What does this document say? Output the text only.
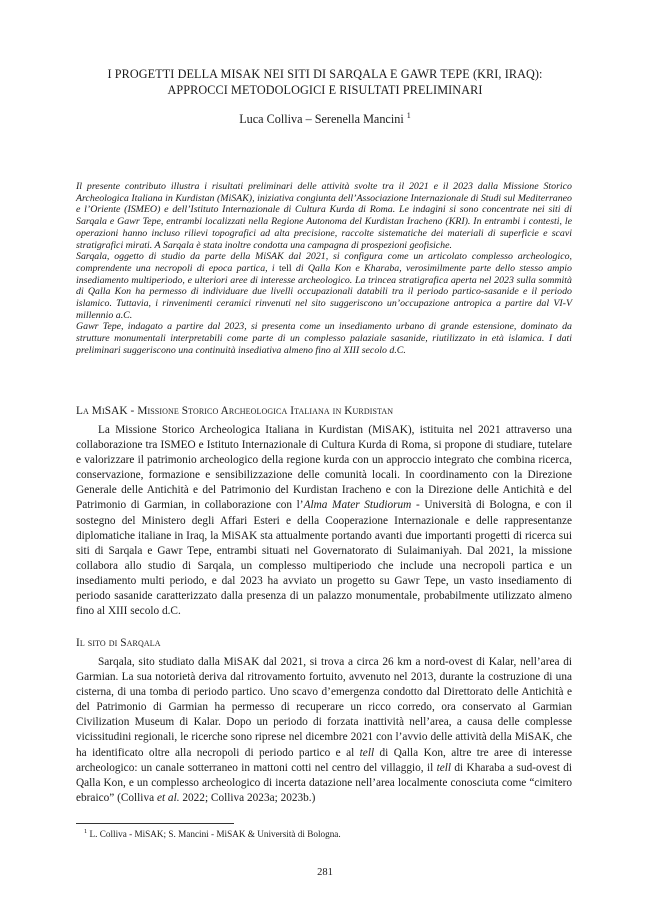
I PROGETTI DELLA MISAK NEI SITI DI SARQALA E GAWR TEPE (KRI, IRAQ):
APPROCCI METODOLOGICI E RISULTATI PRELIMINARI
Luca Colliva – Serenella Mancini $^1$

Il presente contributo illustra i risultati preliminari delle attività svolte tra il 2021 e il 2023 dalla Missione Storico Archeologica Italiana in Kurdistan (MiSAK), iniziativa congiunta dell’Associazione Internazionale di Studi sul Mediterraneo e l’Oriente (ISMEO) e dell’Istituto Internazionale di Cultura Kurda di Roma. Le indagini si sono concentrate nei siti di Sarqala e Gawr Tepe, entrambi localizzati nella Regione Autonoma del Kurdistan Iracheno (KRI). In entrambi i contesti, le operazioni hanno incluso rilievi topografici ad alta precisione, raccolte sistematiche dei materiali di superficie e scavi stratigrafici mirati. A Sarqala è stata inoltre condotta una campagna di prospezioni geofisiche.

Sarqala, oggetto di studio da parte della MiSAK dal 2021, si configura come un articolato complesso archeologico, comprendente una necropoli di epoca partica, i tell di Qalla Kon e Kharaba, verosimilmente parte dello stesso ampio insediamento multiperiodo, e ulteriori aree di interesse archeologico. La trincea stratigrafica aperta nel 2023 sulla sommità di Qalla Kon ha permesso di individuare due livelli occupazionali databili tra il periodo partico-sasanide e il periodo islamico. Tuttavia, i rinvenimenti ceramici rinvenuti nel sito suggeriscono un’occupazione antropica a partire dal VI-V millennio a.C.

Gawr Tepe, indagato a partire dal 2023, si presenta come un insediamento urbano di grande estensione, dominato da strutture monumentali interpretabili come parte di un complesso palaziale sasanide, riutilizzato in età islamica. I dati preliminari suggeriscono una continuità insediativa almeno fino al XIII secolo d.C.

La MiSAK - Missione Storico Archeologica Italiana in Kurdistan

La Missione Storico Archeologica Italiana in Kurdistan (MiSAK), istituita nel 2021 attraverso una collaborazione tra ISMEO e Istituto Internazionale di Cultura Kurda di Roma, si propone di studiare, tutelare e valorizzare il patrimonio archeologico della regione kurda con un approccio integrato che combina ricerca, conservazione, formazione e sensibilizzazione delle comunità locali. In coordinamento con la Direzione Generale delle Antichità e del Patrimonio del Kurdistan Iracheno e con la Direzione delle Antichità e del Patrimonio di Garmian, in collaborazione con l’Alma Mater Studiorum - Università di Bologna, e con il sostegno del Ministero degli Affari Esteri e della Cooperazione Internazionale e delle rappresentanze diplomatiche italiane in Iraq, la MiSAK sta attualmente portando avanti due importanti progetti di ricerca sui siti di Sarqala e Gawr Tepe, entrambi situati nel Governatorato di Sulaimaniyah. Dal 2021, la missione collabora allo studio di Sarqala, un complesso multiperiodo che include una necropoli partica e un insediamento multi periodo, e dal 2023 ha avviato un progetto su Gawr Tepe, un vasto insediamento di periodo sasanide caratterizzato dalla presenza di un palazzo monumentale, probabilmente utilizzato almeno fino al XIII secolo d.C.

Il sito di Sarqala

Sarqala, sito studiato dalla MiSAK dal 2021, si trova a circa 26 km a nord-ovest di Kalar, nell’area di Garmian. La sua notorietà deriva dal ritrovamento fortuito, avvenuto nel 2013, durante la costruzione di una cisterna, di una tomba di periodo partico. Uno scavo d’emergenza condotto dal Direttorato delle Antichità e del Patrimonio di Garmian ha permesso di recuperare un ricco corredo, ora conservato al Garmian Civilization Museum di Kalar. Dopo un periodo di forzata inattività nell’area, a causa delle complesse vicissitudini regionali, le ricerche sono riprese nel dicembre 2021 con l’avvio delle attività della MiSAK, che ha identificato oltre alla necropoli di periodo partico e al tell di Qalla Kon, altre tre aree di interesse archeologico: un canale sotterraneo in mattoni cotti nel centro del villaggio, il tell di Kharaba a sud-ovest di Qalla Kon, e un complesso archeologico di incerta datazione nell’area localmente conosciuta come “cimitero ebraico” (Colliva et al. 2022; Colliva 2023a; 2023b.)

$^1$ L. Colliva - MiSAK; S. Mancini - MiSAK & Università di Bologna.
281
